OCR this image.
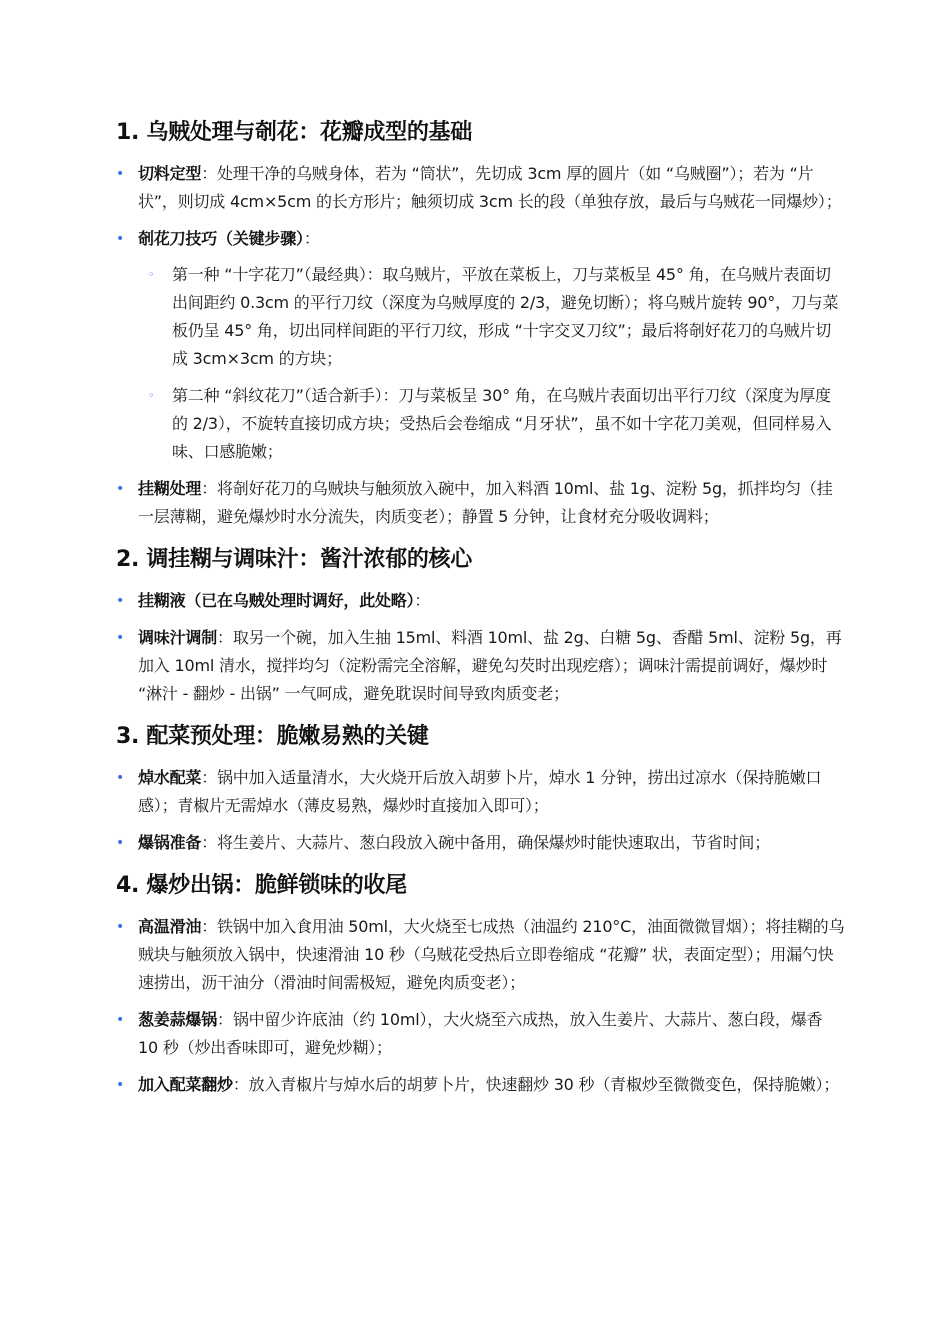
1. 乌贼处理与剞花：花瓣成型的基础
• 切料定型：处理干净的乌贼身体，若为 “筒状”，先切成 3cm 厚的圆片（如 “乌贼圈”）；若为 “片状”，则切成 4cm×5cm 的长方形片；触须切成 3cm 长的段（单独存放，最后与乌贼花一同爆炒）；
• 剞花刀技巧（关键步骤）：
◦ 第一种 “十字花刀”（最经典）：取乌贼片，平放在菜板上，刀与菜板呈 45° 角，在乌贼片表面切出间距约 0.3cm 的平行刀纹（深度为乌贼厚度的 2/3，避免切断）；将乌贼片旋转 90°，刀与菜板仍呈 45° 角，切出同样间距的平行刀纹，形成 “十字交叉刀纹”；最后将剞好花刀的乌贼片切成 3cm×3cm 的方块；
◦ 第二种 “斜纹花刀”（适合新手）：刀与菜板呈 30° 角，在乌贼片表面切出平行刀纹（深度为厚度的 2/3），不旋转直接切成方块；受热后会卷缩成 “月牙状”，虽不如十字花刀美观，但同样易入味、口感脆嫩；
• 挂糊处理：将剞好花刀的乌贼块与触须放入碗中，加入料酒 10ml、盐 1g、淀粉 5g，抓拌均匀（挂一层薄糊，避免爆炒时水分流失，肉质变老）；静置 5 分钟，让食材充分吸收调料；
2. 调挂糊与调味汁：酱汁浓郁的核心
• 挂糊液（已在乌贼处理时调好，此处略）：
• 调味汁调制：取另一个碗，加入生抽 15ml、料酒 10ml、盐 2g、白糖 5g、香醋 5ml、淀粉 5g，再加入 10ml 清水，搅拌均匀（淀粉需完全溶解，避免勾芡时出现疙瘩）；调味汁需提前调好，爆炒时 “淋汁 - 翻炒 - 出锅” 一气呵成，避免耽误时间导致肉质变老；
3. 配菜预处理：脆嫩易熟的关键
• 焯水配菜：锅中加入适量清水，大火烧开后放入胡萝卜片，焯水 1 分钟，捞出过凉水（保持脆嫩口感）；青椒片无需焯水（薄皮易熟，爆炒时直接加入即可）；
• 爆锅准备：将生姜片、大蒜片、葱白段放入碗中备用，确保爆炒时能快速取出，节省时间；
4. 爆炒出锅：脆鲜锁味的收尾
• 高温滑油：铁锅中加入食用油 50ml，大火烧至七成热（油温约 210°C，油面微微冒烟）；将挂糊的乌贼块与触须放入锅中，快速滑油 10 秒（乌贼花受热后立即卷缩成 “花瓣” 状，表面定型）；用漏勺快速捞出，沥干油分（滑油时间需极短，避免肉质变老）；
• 葱姜蒜爆锅：锅中留少许底油（约 10ml），大火烧至六成热，放入生姜片、大蒜片、葱白段，爆香 10 秒（炒出香味即可，避免炒糊）；
• 加入配菜翻炒：放入青椒片与焯水后的胡萝卜片，快速翻炒 30 秒（青椒炒至微微变色，保持脆嫩）；
